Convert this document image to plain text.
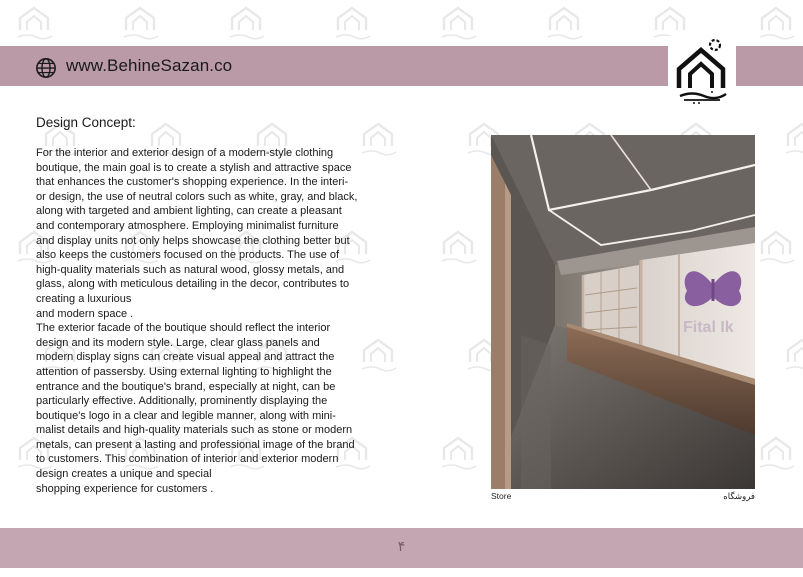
www.BehineSazan.co
Design Concept:

For the interior and exterior design of a modern-style clothing

boutique, the main goal is to create a stylish and attractive space

that enhances the customer's shopping experience. In the interi-

or design, the use of neutral colors such as white, gray, and black,

along with targeted and ambient lighting, can create a pleasant

and contemporary atmosphere. Employing minimalist furniture

and display units not only helps showcase the clothing better but

also keeps the customers focused on the products. The use of

high-quality materials such as natural wood, glossy metals, and

glass, along with meticulous detailing in the decor, contributes to

creating a luxurious

and modern space .

The exterior facade of the boutique should reflect the interior

design and its modern style. Large, clear glass panels and

modern display signs can create visual appeal and attract the

attention of passersby. Using external lighting to highlight the

entrance and the boutique's brand, especially at night, can be

particularly effective. Additionally, prominently displaying the

boutique's logo in a clear and legible manner, along with mini-

malist details and high-quality materials such as stone or modern

metals, can present a lasting and professional image of the brand

to customers. This combination of interior and exterior modern

design creates a unique and special

shopping experience for customers .

Fital Ik
Store	فروشگاه
۴
